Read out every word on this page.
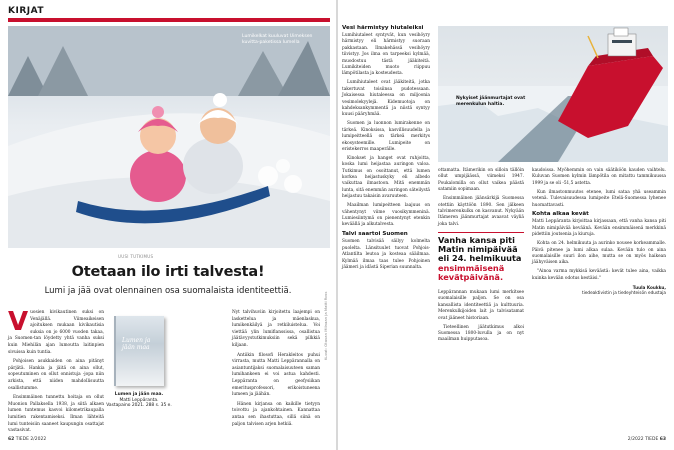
KIRJAT
Lumikelkat kuuluvat Uimeksen kuvitta-paketissa lumella
UUSI TUTKIMUS
Otetaan ilo irti talvesta!
Lumi ja jää ovat olennainen osa suomalaista identiteettiä.

Vuosien kivikautinen suksi on Venäjällä. Viimeaikeisen ajoituksen mukaan kivikautisia suksia on jo 6000 vuoden takaa, ja Suomen-tan löydetty yhtä vanha suksi kuin Miehilän ajan lumoutta laitinpien sivuissa kuin tuntia.

Pohjoisen asukkaiden on aina pitänyt pärjätä. Hankia ja jäitä on aina ollut, sopeutuminen on ollut onnistuja -jopa niin arkista, että niiden mahdollisuutta osallistumme.

Ensimmäinen tunnettu hoitaja on ollut Muonion Pallaksella 1938, ja siitä alkaen lumen tuntemus kasvoi kilometrikaupalla lumitien rakentamiseksi. Ilman lähteitä lumi tunteisiin saaneet kaupungin osattajat vastasivat.

Lumen ja jään maa
Lumen ja jään maa.
Matti Leppäranta.
Vastapaino 2021. 288 s. 35 e.

Nyt talvihuviin kirjoitettu laajempi on laskettelua ja mäenlaskua, lumikenkäilyä ja retkiluistelua. Voi viettää ylin lumiflanssissa, osallistua jäätävyystutkimuksiin sekä pilkkiä kiljaan.

Antiikin filosofi Herakleitos puhui virrasta, mutta Matti Leppärannalla on asiantuntijaksi suomalaisuuteen saman lumihankeen ei voi astua kahdesti. Leppäranta on geofysiikan emeritusprofessori, erikoistuneena lumeen ja jäähän.

Hänen kirjansa on kaikille tietyyn toivottu ja ajankohtainen. Kannattaa antaa sen ihastuttaa, sillä siinä on paljon talvisen arjen hetkiä.

Kuvat: Otavan Miinaan ja Matti Ross
62 TIEDE 2/2022
Vesi härmistyy hiutaleiksi

Lumihiutaleet syntyvät, kun vesihöyry härmistyy eli härmistyy suoraan pakkastaan. Ilmakehässä vesihöyry tiivistyy. Jos ilma on tarpeeksi kylmää, muodostuu tästä jääkiteitä. Lumikiteiden muoto riippuu lämpötilasta ja kosteudesta.

Lumihiutaleet ovat jääkiteitä, jotka takertuvat toisiinsa pudotessaan. Jokaisessa hiutaleessa on miljoonia vesimolekyylejä. Kidemuotoja on kahdeksankymmentä ja niistä syntyy kuusi pääryhmää.

Suomen ja luonnon lumirakenne on tärkeä. Kinoksissa, kasvillisuudella ja lumipeitteellä on tärkeä merkitys ekosysteemille. Lumipeite on eristekerros maaperälle.

Kinokset ja hanget ovat ruhjoitta, koska lumi heijastaa auringon valoa. Tutkimus on osoittanut, että lumen korkea heijastuskyky eli albedo vaikuttaa ilmastoon. Mitä enemmän lunta, sitä enemmän auringon säteilystä heijastuu takaisin avaruuteen.

Maailman lumipeitteen laajuus on vähentynyt viime vuosikymmeninä. Lumiesiintymä on pienentynyt etenkin keväällä ja alkutalvesta.

Talvi saartoi Suomen

Suomen talvisää säilyy kolmelta puolelta. Länsituulet tuovat Pohjois-Atlantilta leutoa ja kosteaa sääilmaa. Kylmää ilmaa taas tulee Pohjoinen jäämeri ja idästä Siperian suunnalta.

Nykyiset jäänmurtajat ovat merenkulun haltia.

ottamatta. Itämerikin on silloin tällöin ollut umpijäässä, viimeksi 1947. Poukalomilla on ollut vaikea päästä satamiin sopimaan.

Ensimmäinen jäänsärkijä Suomessa otettiin käyttöön 1890. Sen jälkeen talvimerenkulku on kasvanut. Nykyään Itämeren jäänmurtajat avaavat väyliä joka talvi.

Vanha kansa piti Matin nimipäivää eli 24. helmikuuta ensimmäisenä kevätpäivänä.

Leppärannan mukaan lumi merkitsee suomalaisille paljon. Se on osa kansallista identiteettiä ja kulttuuria. Merenkulkijoiden lait ja talvisatamat ovat jääneet historiaan.

Tieteellinen jäätutkimus alkoi Suomessa 1800-luvulla ja on nyt maailman huipputasoa.

kaudoissa. Myöhemmin on vain säätiköön kauden vaihtelu. Kuluvan Suomen kylmin lämpötila on mitattu tammikuussa 1999 ja se oli -51,5 astetta.

Kun ilmastonmuutos etenee, lumi sataa yhä useammin vetenä. Tulevaisuudessa lumipeite Etelä-Suomessa lyhenee huomattavasti.

Kohta alkaa kevät

Matti Leppäranta kirjoittaa kirjassaan, että vanha kansa piti Matin nimipäivää keväänä. Kevään ensimmäisenä merkkinä pidettiin joutsenia ja kiuruja.

Kohta on 24. helmikuuta ja aurinko nousee korkeammalle. Päivä pitenee ja lumi alkaa sulaa. Kevään tulo on aina suomalaisille suuri ilon aihe, mutta se on myös haikean jäähyväisen aika.

"Ainoa varma mykkisä keväästä: kevät tulee aina, vaikka kuinka kevään odotus kestäisi."

Tuula Koukku,
tiedeaktivistin ja tiedeyhteisön edustaja
2/2022 TIEDE 63
